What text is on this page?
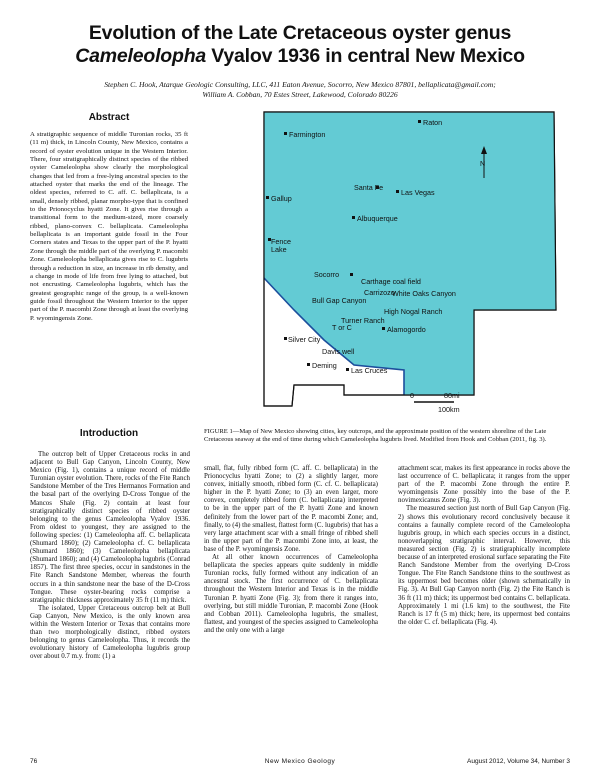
Evolution of the Late Cretaceous oyster genus
Cameleolopha Vyalov 1936 in central New Mexico
Stephen C. Hook, Atarque Geologic Consulting, LLC, 411 Eaton Avenue, Socorro, New Mexico 87801, bellaplicata@gmail.com;
William A. Cobban, 70 Estes Street, Lakewood, Colorado 80226
Abstract
A stratigraphic sequence of middle Turonian rocks, 35 ft (11 m) thick, in Lincoln County, New Mexico, contains a record of oyster evolution unique in the Western Interior. There, four stratigraphically distinct species of the ribbed oyster Cameleolopha show clearly the morphological changes that led from a free-lying ancestral species to the attached oyster that marks the end of the lineage. The oldest species, referred to C. aff. C. bellaplicata, is a small, densely ribbed, planar morpho-type that is confined to the Prionocyclus hyatti Zone. It gives rise through a transitional form to the medium-sized, more coarsely ribbed, plano-convex C. bellaplicata. Cameleolopha bellaplicata is an important guide fossil in the Four Corners states and Texas to the upper part of the P. hyatti Zone through the middle part of the overlying P. macombi Zone. Cameleolopha bellaplicata gives rise to C. lugubris through a reduction in size, an increase in rib density, and a change in mode of life from free lying to attached, but not encrusting. Cameleolopha lugubris, which has the greatest geographic range of the group, is a well-known guide fossil throughout the Western Interior to the upper part of the P. macombi Zone through at least the overlying P. wyomingensis Zone.
N
Raton
Farmington
Santa Fe
Las Vegas
Gallup
Albuquerque
Fence
Lake
Socorro
Carthage coal field
Carrizozo
White Oaks Canyon
Bull Gap Canyon
High Nogal Ranch
Turner Ranch
T or C	Alamogordo
Silver City
Davis well
Deming
Las Cruces
0	80mi
100km
FIGURE 1—Map of New Mexico showing cities, key outcrops, and the approximate position of the western shoreline of the Late Cretaceous seaway at the end of time during which Cameleolopha lugubris lived. Modified from Hook and Cobban (2011, fig. 3).
Introduction

The outcrop belt of Upper Cretaceous rocks in and adjacent to Bull Gap Canyon, Lincoln County, New Mexico (Fig. 1), contains a unique record of middle Turonian oyster evolution. There, rocks of the Fite Ranch Sandstone Member of the Tres Hermanos Formation and the basal part of the overlying D-Cross Tongue of the Mancos Shale (Fig. 2) contain at least four stratigraphically distinct species of ribbed oyster belonging to the genus Cameleolopha Vyalov 1936. From oldest to youngest, they are assigned to the following species: (1) Cameleolopha aff. C. bellaplicata (Shumard 1860); (2) Cameleolopha cf. C. bellaplicata (Shumard 1860); (3) Cameleolopha bellaplicata (Shumard 1860); and (4) Cameleolopha lugubris (Conrad 1857). The first three species, occur in sandstones in the Fite Ranch Sandstone Member, whereas the fourth occurs in a thin sandstone near the base of the D-Cross Tongue. These oyster-bearing rocks comprise a stratigraphic thickness approximately 35 ft (11 m) thick.

The isolated, Upper Cretaceous outcrop belt at Bull Gap Canyon, New Mexico, is the only known area within the Western Interior or Texas that contains more than two morphologically distinct, ribbed oysters belonging to genus Cameleolopha. Thus, it records the evolutionary history of Cameleolopha lugubris group over about 0.7 m.y. from: (1) a

small, flat, fully ribbed form (C. aff. C. bellaplicata) in the Prionocyclus hyatti Zone; to (2) a slightly larger, more convex, initially smooth, ribbed form (C. cf. C. bellaplicata) higher in the P. hyatti Zone; to (3) an even larger, more convex, completely ribbed form (C. bellaplicata) interpreted to be in the upper part of the P. hyatti Zone and known definitely from the lower part of the P. macombi Zone; and, finally, to (4) the smallest, flattest form (C. lugubris) that has a very large attachment scar with a small fringe of ribbed shell in the upper part of the P. macombi Zone into, at least, the base of the P. wyomingensis Zone.

At all other known occurrences of Cameleolopha bellaplicata the species appears quite suddenly in middle Turonian rocks, fully formed without any indication of an ancestral stock. The first occurrence of C. bellaplicata throughout the Western Interior and Texas is in the middle Turonian P. hyatti Zone (Fig. 3); from there it ranges into, overlying, but still middle Turonian, P. macombi Zone (Hook and Cobban 2011). Cameleolopha lugubris, the smallest, flattest, and youngest of the species assigned to Cameleolopha and the only one with a large

attachment scar, makes its first appearance in rocks above the last occurrence of C. bellaplicata; it ranges from the upper part of the P. macombi Zone through the entire P. wyomingensis Zone possibly into the base of the P. novimexicanus Zone (Fig. 3).

The measured section just north of Bull Gap Canyon (Fig. 2) shows this evolutionary record conclusively because it contains a faunally complete record of the Cameleolopha lugubris group, in which each species occurs in a distinct, nonoverlapping stratigraphic interval. However, this measured section (Fig. 2) is stratigraphically incomplete because of an interpreted erosional surface separating the Fite Ranch Sandstone Member from the overlying D-Cross Tongue. The Fite Ranch Sandstone thins to the southwest as its uppermost bed becomes older (shown schematically in Fig. 3). At Bull Gap Canyon north (Fig. 2) the Fite Ranch is 36 ft (11 m) thick; its uppermost bed contains C. bellaplicata. Approximately 1 mi (1.6 km) to the southwest, the Fite Ranch is 17 ft (5 m) thick; here, its uppermost bed contains the older C. cf. bellaplicata (Fig. 4).

76	New Mexico Geology	August 2012, Volume 34, Number 3
